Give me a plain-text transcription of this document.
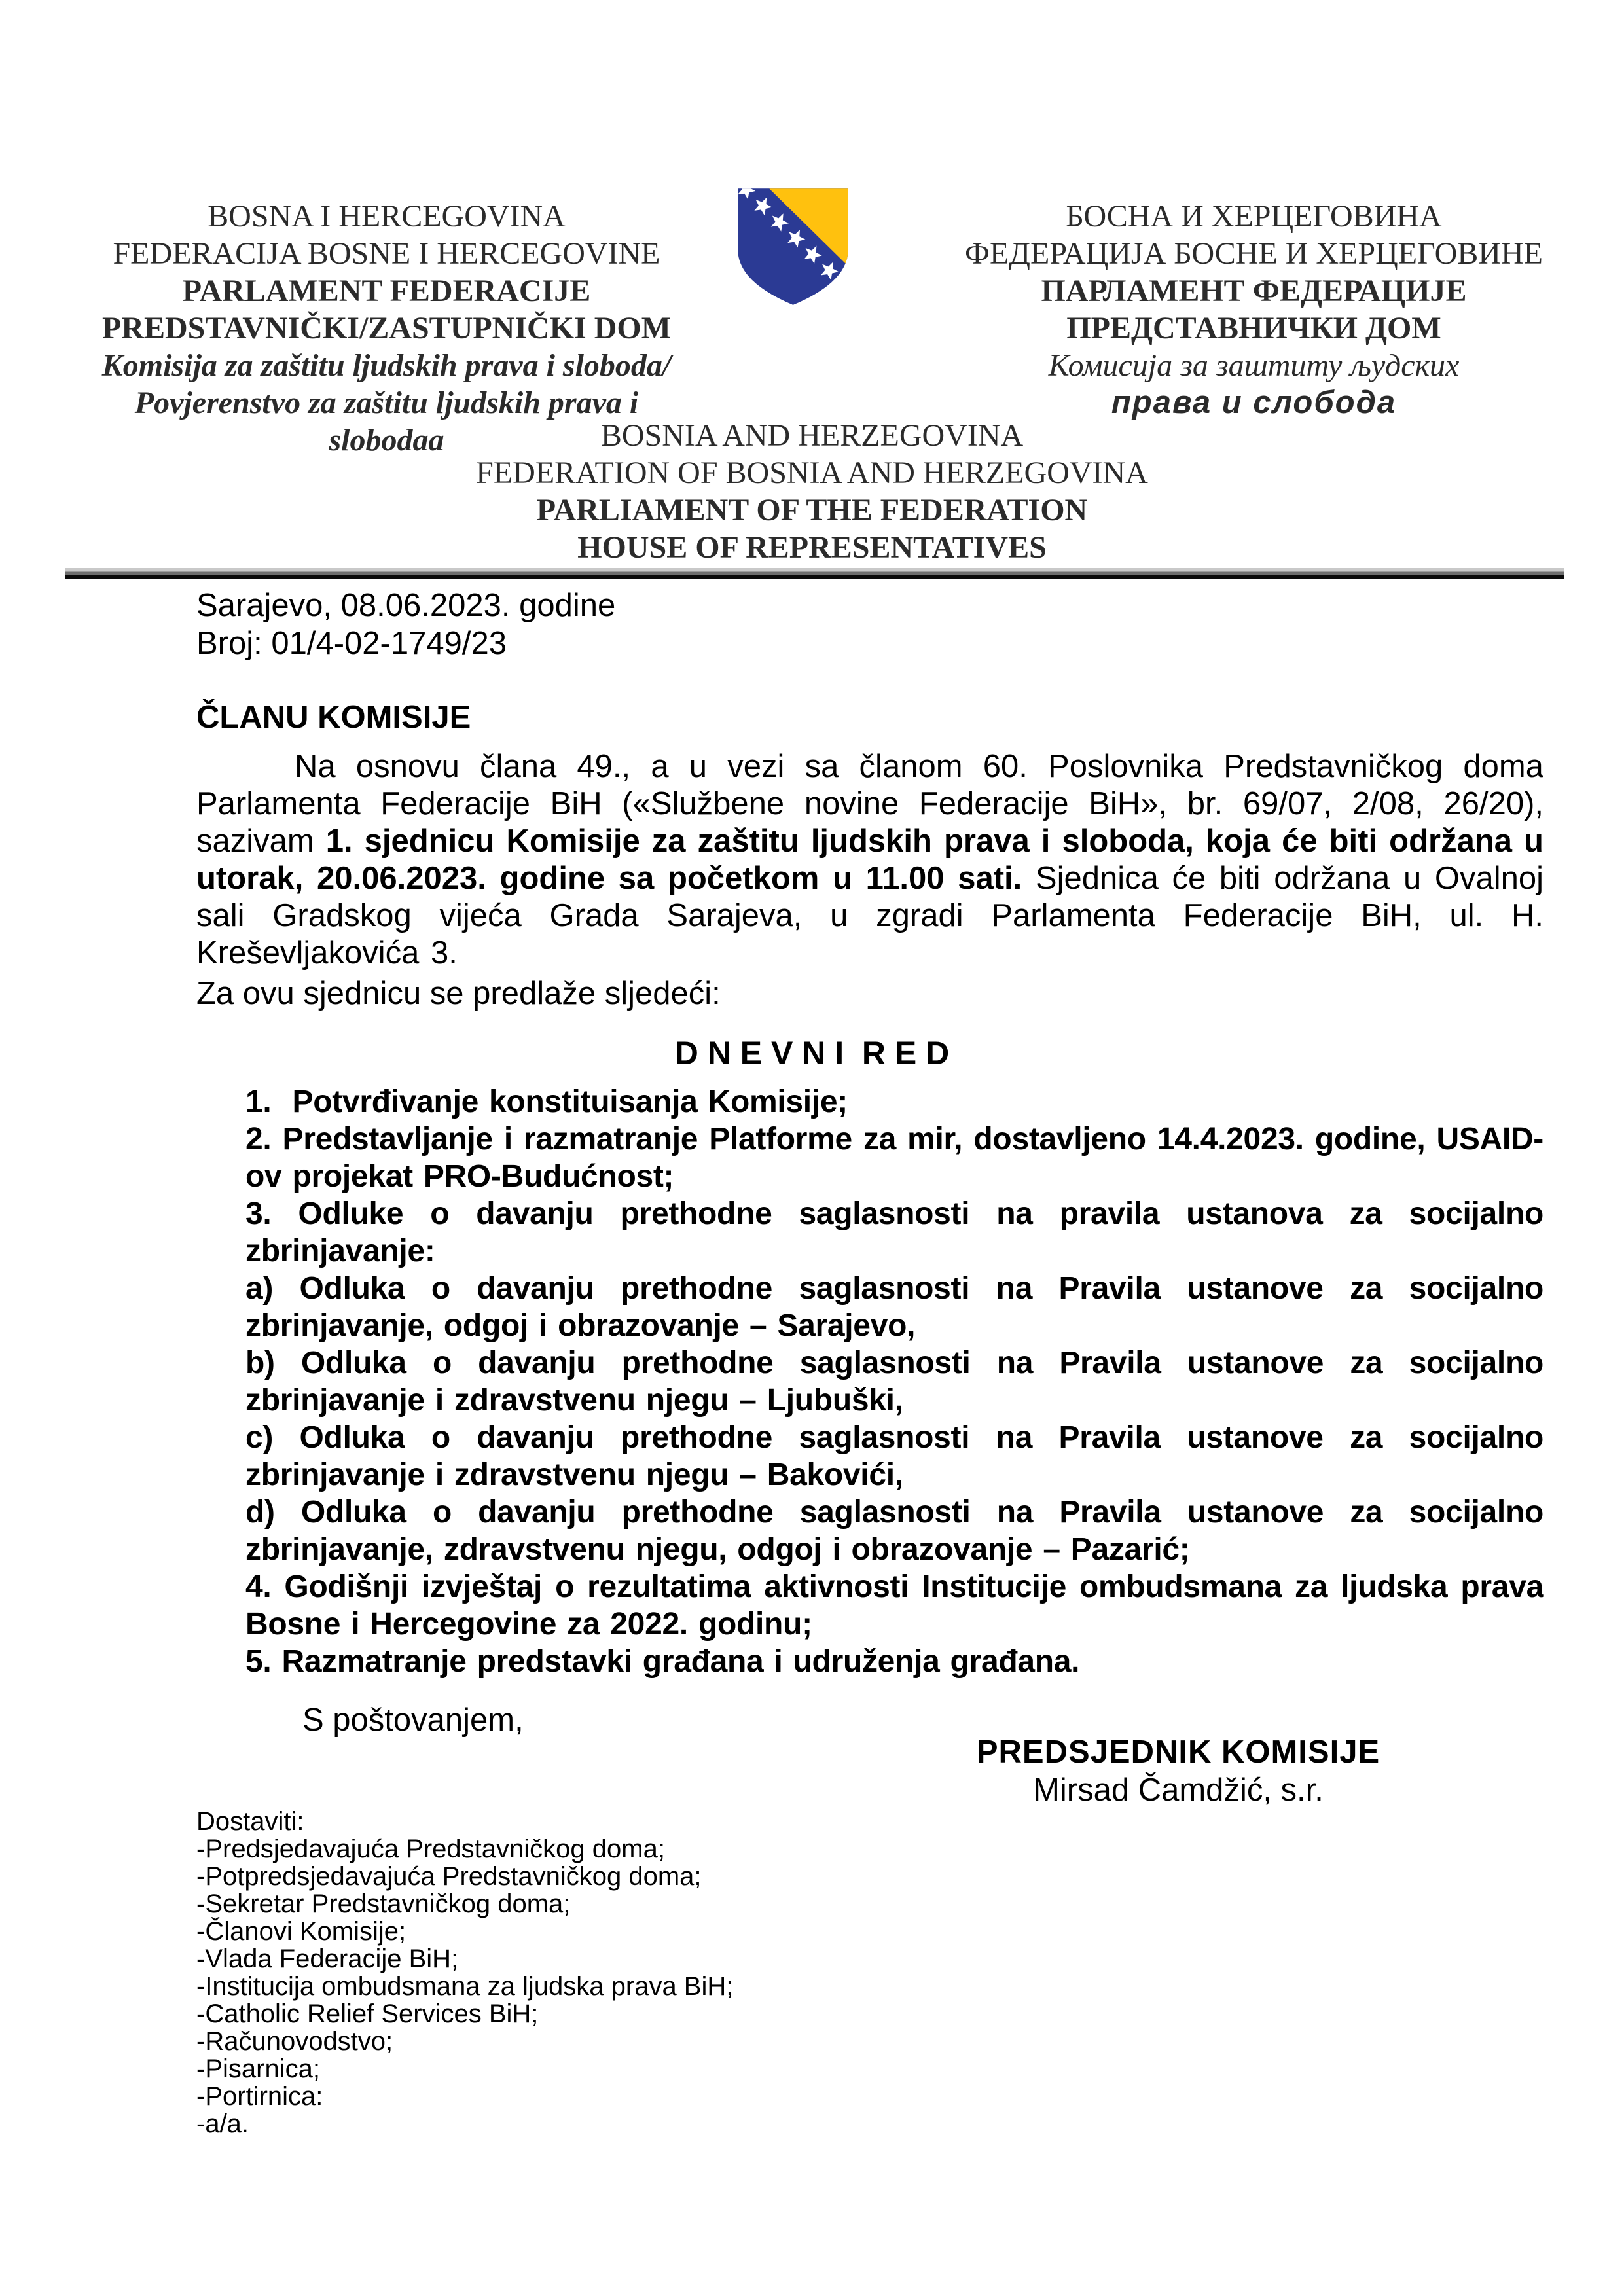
BOSNA I HERCEGOVINA
FEDERACIJA BOSNE I HERCEGOVINE
PARLAMENT FEDERACIJE
PREDSTAVNIČKI/ZASTUPNIČKI DOM
Komisija za zaštitu ljudskih prava i sloboda/
Povjerenstvo za zaštitu ljudskih prava i
slobodaa
БОСНА И ХЕРЦЕГОВИНА
ФЕДЕРАЦИЈА БОСНЕ И ХЕРЦЕГОВИНЕ
ПАРЛАМЕНТ ФЕДЕРАЦИЈЕ
ПРЕДСТАВНИЧКИ ДОМ
Комисија за заштиту људских
права и слобода
BOSNIA AND HERZEGOVINA
FEDERATION OF BOSNIA AND HERZEGOVINA
PARLIAMENT OF THE FEDERATION
HOUSE OF REPRESENTATIVES
Sarajevo, 08.06.2023. godine
Broj: 01/4-02-1749/23
ČLANU KOMISIJE
Na osnovu člana 49., a u vezi sa članom 60. Poslovnika Predstavničkog doma Parlamenta Federacije BiH («Službene novine Federacije BiH», br. 69/07, 2/08, 26/20), sazivam 1. sjednicu Komisije za zaštitu ljudskih prava i sloboda, koja će biti održana u utorak, 20.06.2023. godine sa početkom u 11.00 sati. Sjednica će biti održana u Ovalnoj sali Gradskog vijeća Grada Sarajeva, u zgradi Parlamenta Federacije BiH, ul. H. Kreševljakovića 3.
Za ovu sjednicu se predlaže sljedeći:
D N E V N I  R E D

1.  Potvrđivanje konstituisanja Komisije;

2. Predstavljanje i razmatranje Platforme za mir, dostavljeno 14.4.2023. godine, USAID-ov projekat PRO-Budućnost;

3. Odluke o davanju prethodne saglasnosti na pravila ustanova za socijalno zbrinjavanje:

a) Odluka o davanju prethodne saglasnosti na Pravila ustanove za socijalno zbrinjavanje, odgoj i obrazovanje – Sarajevo,

b) Odluka o davanju prethodne saglasnosti na Pravila ustanove za socijalno zbrinjavanje i zdravstvenu njegu – Ljubuški,

c) Odluka o davanju prethodne saglasnosti na Pravila ustanove za socijalno zbrinjavanje i zdravstvenu njegu – Bakovići,

d) Odluka o davanju prethodne saglasnosti na Pravila ustanove za socijalno zbrinjavanje, zdravstvenu njegu, odgoj i obrazovanje – Pazarić;

4. Godišnji izvještaj o rezultatima aktivnosti Institucije ombudsmana za ljudska prava Bosne i Hercegovine za 2022. godinu;

5. Razmatranje predstavki građana i udruženja građana.

S poštovanjem,
PREDSJEDNIK KOMISIJE
Mirsad Čamdžić, s.r.
Dostaviti:
-Predsjedavajuća Predstavničkog doma;
-Potpredsjedavajuća Predstavničkog doma;
-Sekretar Predstavničkog doma;
-Članovi Komisije;
-Vlada Federacije BiH;
-Institucija ombudsmana za ljudska prava BiH;
-Catholic Relief Services BiH;
-Računovodstvo;
-Pisarnica;
-Portirnica:
-a/a.
